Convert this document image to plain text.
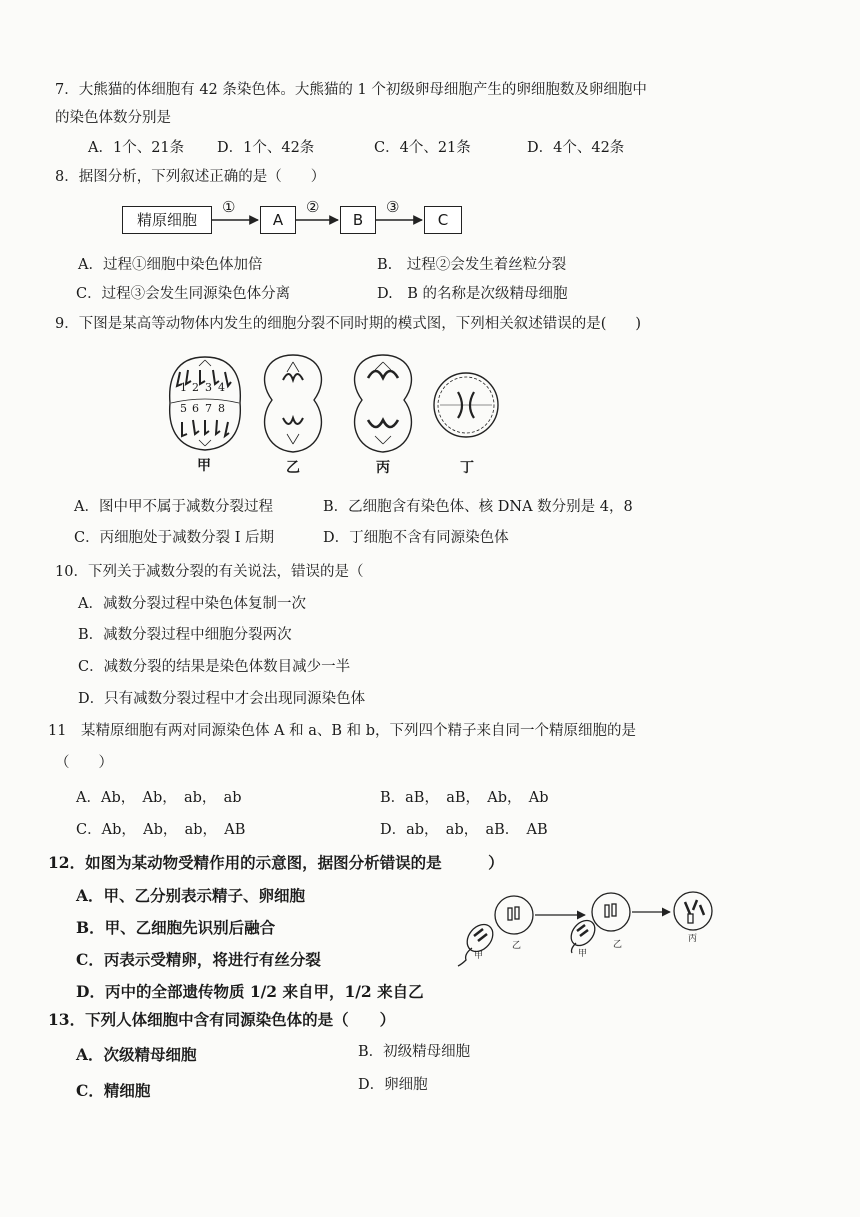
7．大熊猫的体细胞有 42 条染色体。大熊猫的 1 个初级卵母细胞产生的卵细胞数及卵细胞中
的染色体数分别是
A．1个、21条 D．1个、42条	C．4个、21条	D．4个、42条
8．据图分析，下列叙述正确的是（　　）
精原细胞
①
A
②
B
③
C
A．过程①细胞中染色体加倍	B.　过程②会发生着丝粒分裂
C．过程③会发生同源染色体分离	D.　B 的名称是次级精母细胞
9．下图是某高等动物体内发生的细胞分裂不同时期的模式图，下列相关叙述错误的是(　　)
1 2 3 4
5 6 7 8
甲	乙	丙	丁
A．图中甲不属于减数分裂过程	B．乙细胞含有染色体、核 DNA 数分别是 4，8
C．丙细胞处于减数分裂 I 后期	D．丁细胞不含有同源染色体
10．下列关于减数分裂的有关说法，错误的是（
A．减数分裂过程中染色体复制一次
B．减数分裂过程中细胞分裂两次
C．减数分裂的结果是染色体数目减少一半
D．只有减数分裂过程中才会出现同源染色体
11　某精原细胞有两对同源染色体 A 和 a、B 和 b，下列四个精子来自同一个精原细胞的是
（　　）
A．Ab，　Ab，　ab，　ab	B．aB，　aB，　Ab，　Ab
C．Ab，　Ab，　ab，　AB	D．ab，　ab，　aB．　AB
12．如图为某动物受精作用的示意图，据图分析错误的是　　　）
A．甲、乙分别表示精子、卵细胞
B．甲、乙细胞先识别后融合
C．丙表示受精卵，将进行有丝分裂
D．丙中的全部遗传物质 1/2 来自甲，1/2 来自乙
甲
乙
甲
乙
丙
13．下列人体细胞中含有同源染色体的是（　　）
A．次级精母细胞	B．初级精母细胞
C．精细胞	D．卵细胞
